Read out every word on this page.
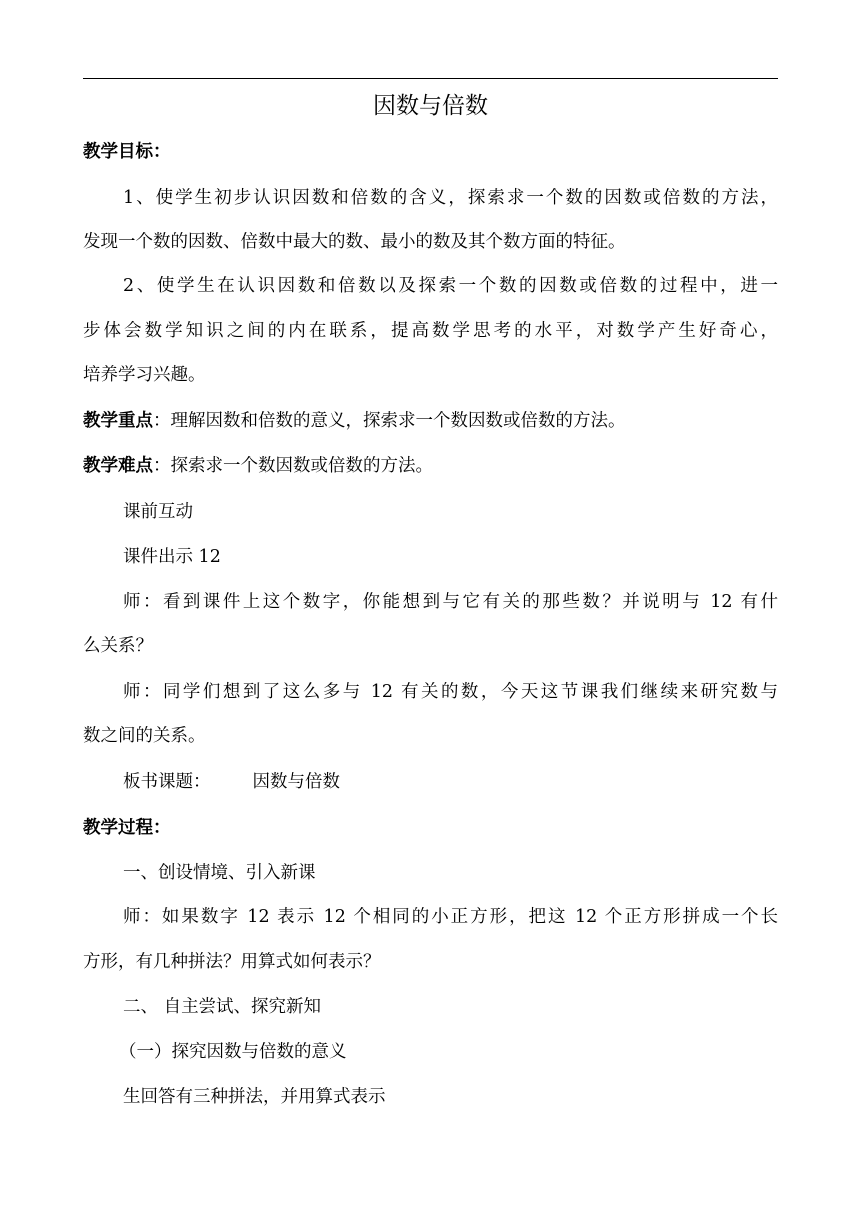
因数与倍数
教学目标：
1、使学生初步认识因数和倍数的含义，探索求一个数的因数或倍数的方法，
发现一个数的因数、倍数中最大的数、最小的数及其个数方面的特征。
2、使学生在认识因数和倍数以及探索一个数的因数或倍数的过程中，进一
步体会数学知识之间的内在联系，提高数学思考的水平，对数学产生好奇心，
培养学习兴趣。
教学重点：理解因数和倍数的意义，探索求一个数因数或倍数的方法。
教学难点：探索求一个数因数或倍数的方法。
课前互动
课件出示 12
师：看到课件上这个数字，你能想到与它有关的那些数？并说明与 12 有什
么关系？
师：同学们想到了这么多与 12 有关的数，今天这节课我们继续来研究数与
数之间的关系。
板书课题： 因数与倍数
教学过程：
一、创设情境、引入新课
师：如果数字 12 表示 12 个相同的小正方形，把这 12 个正方形拼成一个长
方形，有几种拼法？用算式如何表示？
二、 自主尝试、探究新知
（一）探究因数与倍数的意义
生回答有三种拼法，并用算式表示
